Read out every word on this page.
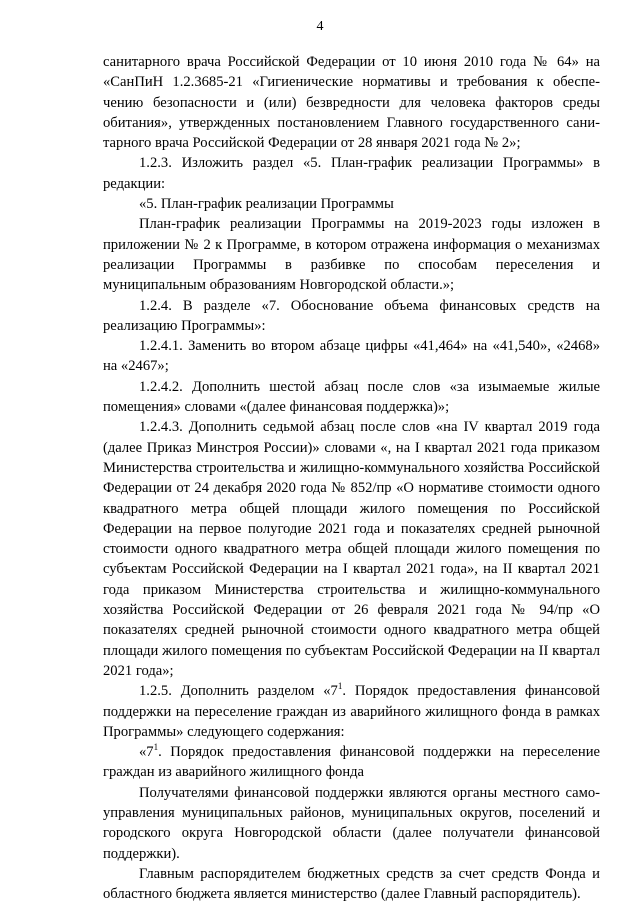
4

санитарного врача Российской Федерации от 10 июня 2010 года № 64» на «СанПиН 1.2.3685-21 «Гигиенические нормативы и требования к обеспе-чению безопасности и (или) безвредности для человека факторов среды обитания», утвержденных постановлением Главного государственного сани-тарного врача Российской Федерации от 28 января 2021 года № 2»;

1.2.3. Изложить раздел «5. План-график реализации Программы» в редакции:

«5. План-график реализации Программы

План-график реализации Программы на 2019-2023 годы изложен в приложении № 2 к Программе, в котором отражена информация о механизмах реализации Программы в разбивке по способам переселения и муниципальным образованиям Новгородской области.»;

1.2.4. В разделе «7. Обоснование объема финансовых средств на реализацию Программы»:

1.2.4.1. Заменить во втором абзаце цифры «41,464» на «41,540», «2468» на «2467»;

1.2.4.2. Дополнить шестой абзац после слов «за изымаемые жилые помещения» словами «(далее финансовая поддержка)»;

1.2.4.3. Дополнить седьмой абзац после слов «на IV квартал 2019 года (далее Приказ Минстроя России)» словами «, на I квартал 2021 года приказом Министерства строительства и жилищно-коммунального хозяйства Российской Федерации от 24 декабря 2020 года № 852/пр «О нормативе стоимости одного квадратного метра общей площади жилого помещения по Российской Федерации на первое полугодие 2021 года и показателях средней рыночной стоимости одного квадратного метра общей площади жилого помещения по субъектам Российской Федерации на I квартал 2021 года», на II квартал 2021 года приказом Министерства строительства и жилищно-коммунального хозяйства Российской Федерации от 26 февраля 2021 года № 94/пр «О показателях средней рыночной стоимости одного квадратного метра общей площади жилого помещения по субъектам Российской Федерации на II квартал 2021 года»;

1.2.5. Дополнить разделом «$7^1$. Порядок предоставления финансовой поддержки на переселение граждан из аварийного жилищного фонда в рамках Программы» следующего содержания:

«$7^1$. Порядок предоставления финансовой поддержки на переселение граждан из аварийного жилищного фонда

Получателями финансовой поддержки являются органы местного само-управления муниципальных районов, муниципальных округов, поселений и городского округа Новгородской области (далее получатели финансовой поддержки).

Главным распорядителем бюджетных средств за счет средств Фонда и областного бюджета является министерство (далее Главный распорядитель).
